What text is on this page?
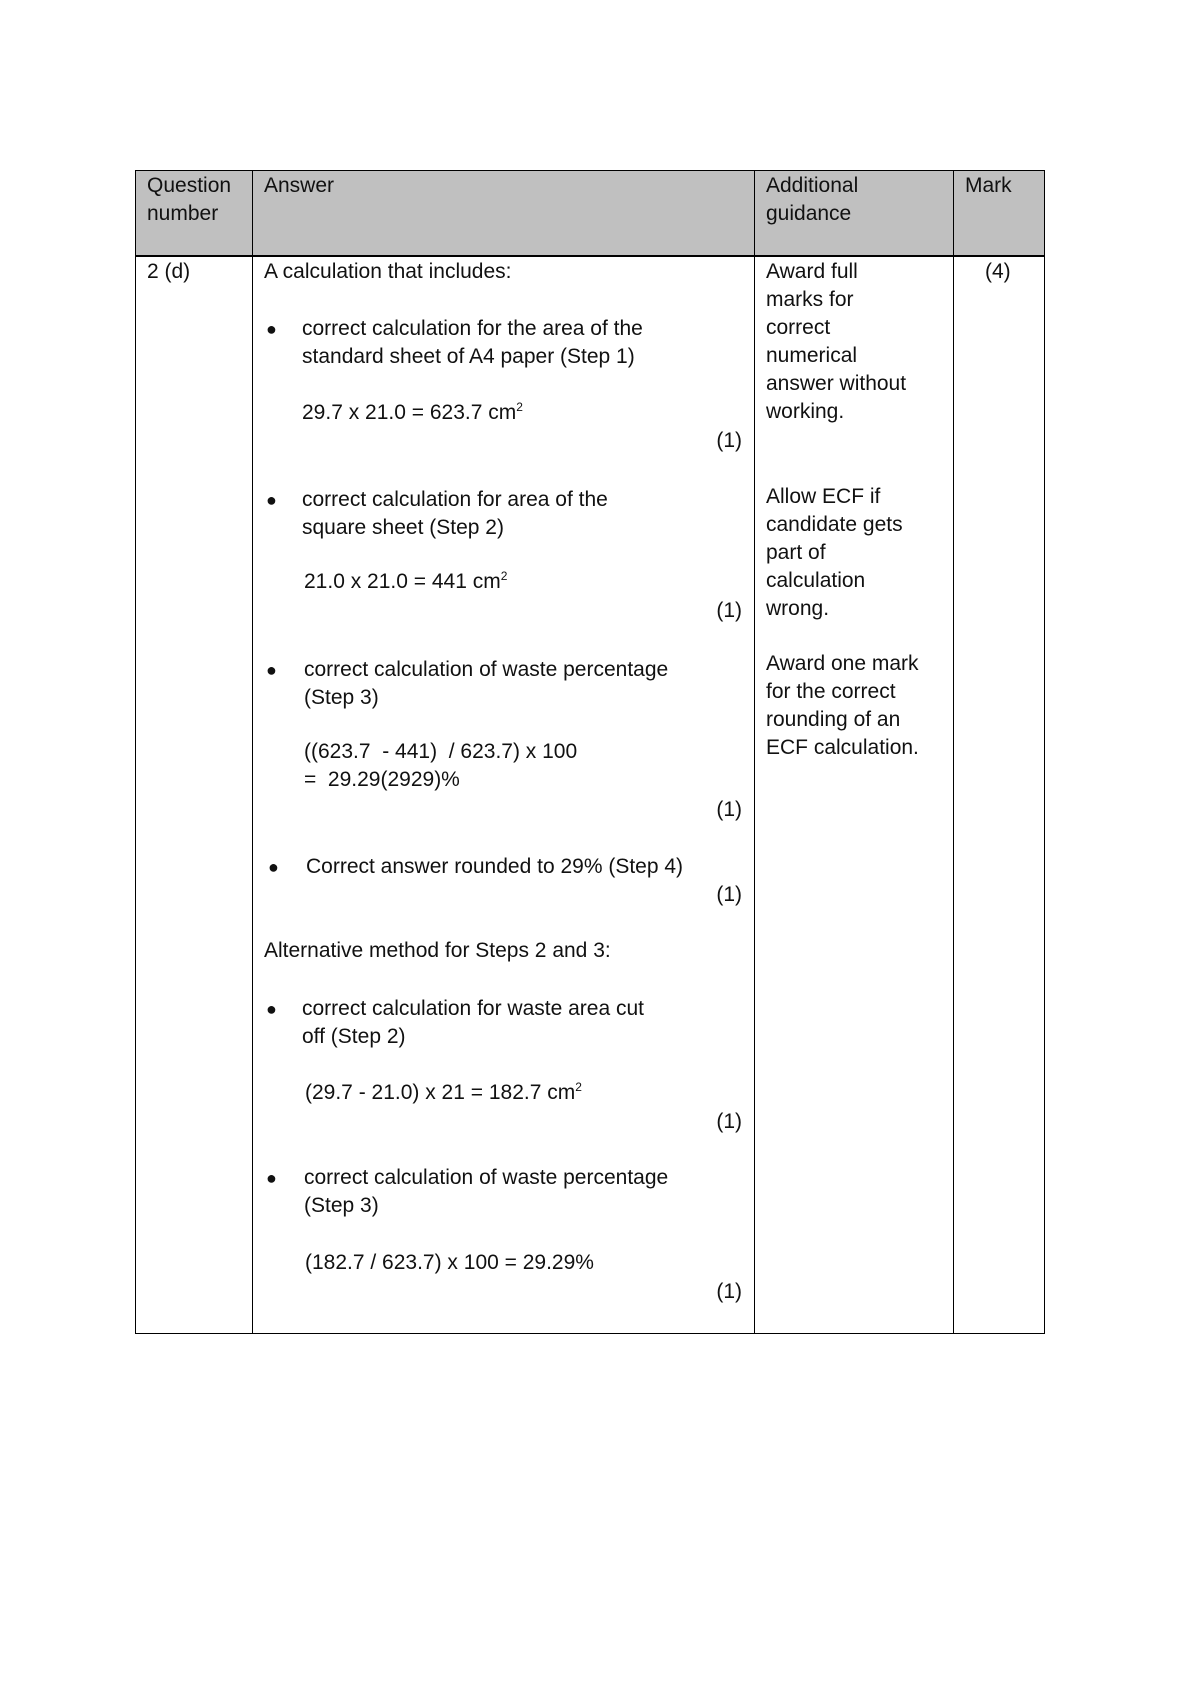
Question
number
Answer	Additional
guidance
Mark
2 (d)	(4)
A calculation that includes:
● correct calculation for the area of the
standard sheet of A4 paper (Step 1)
29.7 x 21.0 = 623.7 $cm^2$
(1)
● correct calculation for area of the
square sheet (Step 2)
21.0 x 21.0 = 441 $cm^2$
(1)
● correct calculation of waste percentage
(Step 3)
((623.7  - 441)  / 623.7) x 100
=  29.29(2929)%
(1)
● Correct answer rounded to 29% (Step 4)
(1)
Alternative method for Steps 2 and 3:
● correct calculation for waste area cut
off (Step 2)
(29.7 - 21.0) x 21 = 182.7 $cm^2$
(1)
● correct calculation of waste percentage
(Step 3)
(182.7 / 623.7) x 100 = 29.29%
(1)
Award full
marks for
correct
numerical
answer without
working.
Allow ECF if
candidate gets
part of
calculation
wrong.
Award one mark
for the correct
rounding of an
ECF calculation.
